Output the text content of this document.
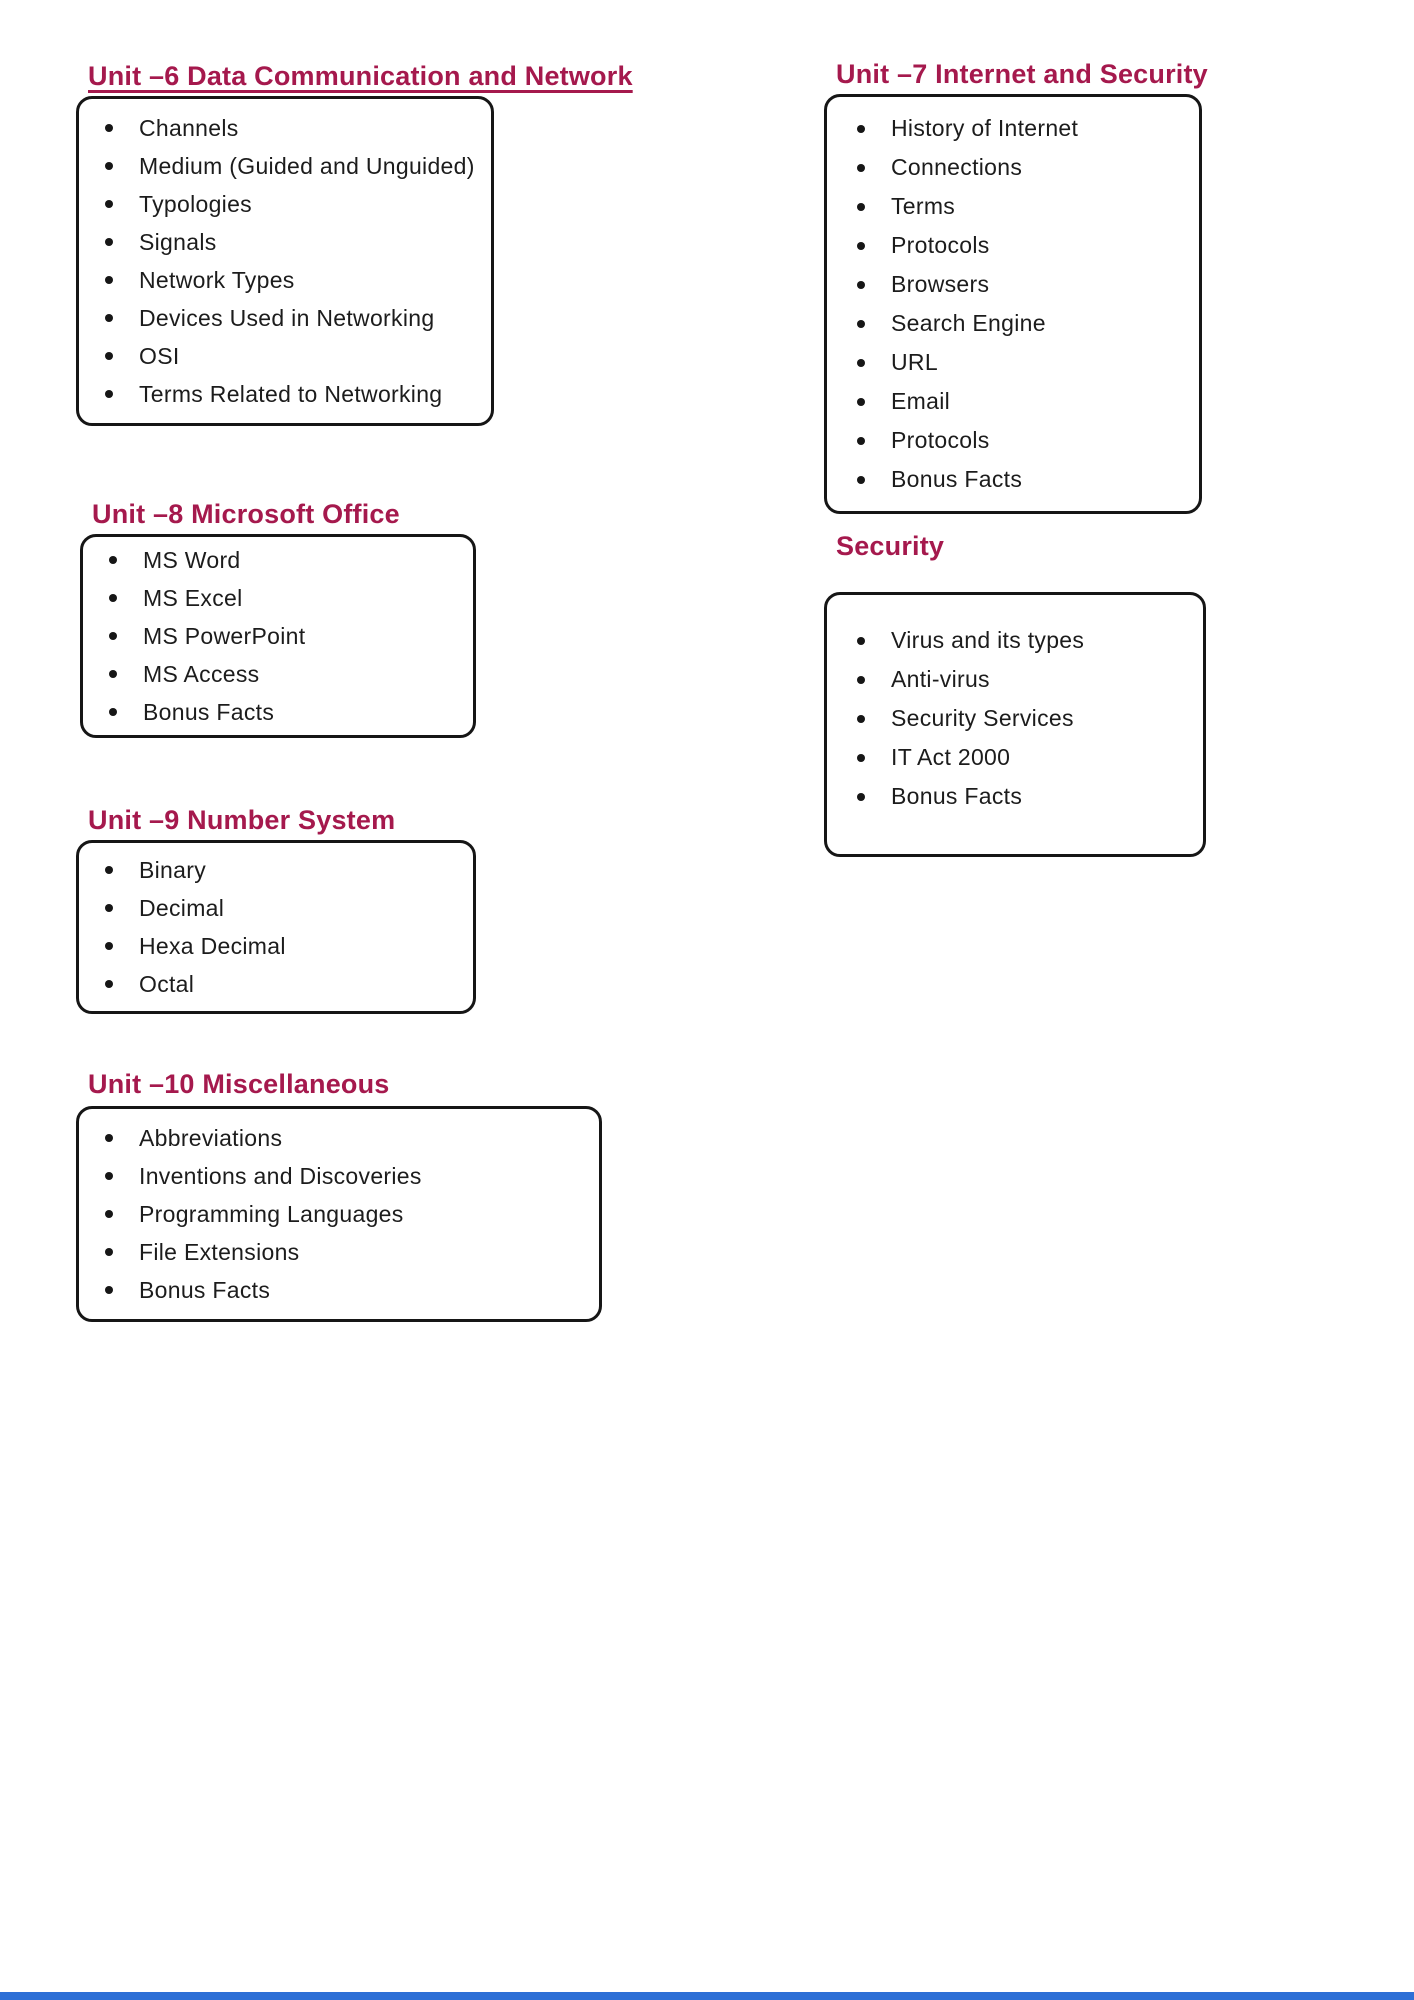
Unit –6 Data Communication and Network
Channels
Medium (Guided and Unguided)
Typologies
Signals
Network Types
Devices Used in Networking
OSI
Terms Related to Networking
Unit –7 Internet and Security
History of Internet
Connections
Terms
Protocols
Browsers
Search Engine
URL
Email
Protocols
Bonus Facts
Unit –8 Microsoft Office
MS Word
MS Excel
MS PowerPoint
MS Access
Bonus Facts
Unit –9 Number System
Binary
Decimal
Hexa Decimal
Octal
Unit –10 Miscellaneous
Abbreviations
Inventions and Discoveries
Programming Languages
File Extensions
Bonus Facts
Security
Virus and its types
Anti-virus
Security Services
IT Act 2000
Bonus Facts
